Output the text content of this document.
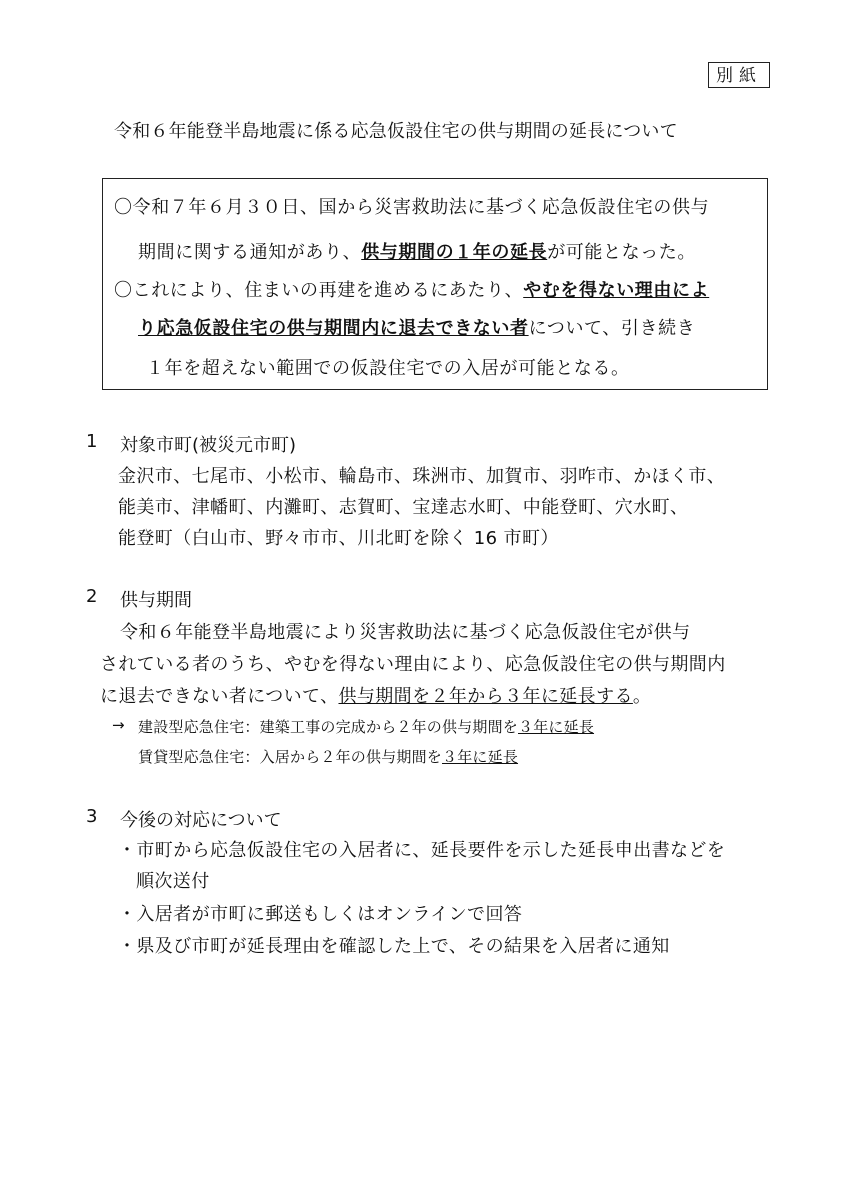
別紙
令和６年能登半島地震に係る応急仮設住宅の供与期間の延長について
〇令和７年６月３０日、国から災害救助法に基づく応急仮設住宅の供与
期間に関する通知があり、供与期間の１年の延長が可能となった。
〇これにより、住まいの再建を進めるにあたり、やむを得ない理由によ
り応急仮設住宅の供与期間内に退去できない者について、引き続き
１年を超えない範囲での仮設住宅での入居が可能となる。
1 対象市町(被災元市町)
金沢市、七尾市、小松市、輪島市、珠洲市、加賀市、羽咋市、かほく市、
能美市、津幡町、内灘町、志賀町、宝達志水町、中能登町、穴水町、
能登町（白山市、野々市市、川北町を除く 16 市町）
2 供与期間
令和６年能登半島地震により災害救助法に基づく応急仮設住宅が供与
されている者のうち、やむを得ない理由により、応急仮設住宅の供与期間内
に退去できない者について、供与期間を２年から３年に延長する。
→ 建設型応急住宅：建築工事の完成から２年の供与期間を３年に延長
賃貸型応急住宅：入居から２年の供与期間を３年に延長
3 今後の対応について
・市町から応急仮設住宅の入居者に、延長要件を示した延長申出書などを
順次送付
・入居者が市町に郵送もしくはオンラインで回答
・県及び市町が延長理由を確認した上で、その結果を入居者に通知
